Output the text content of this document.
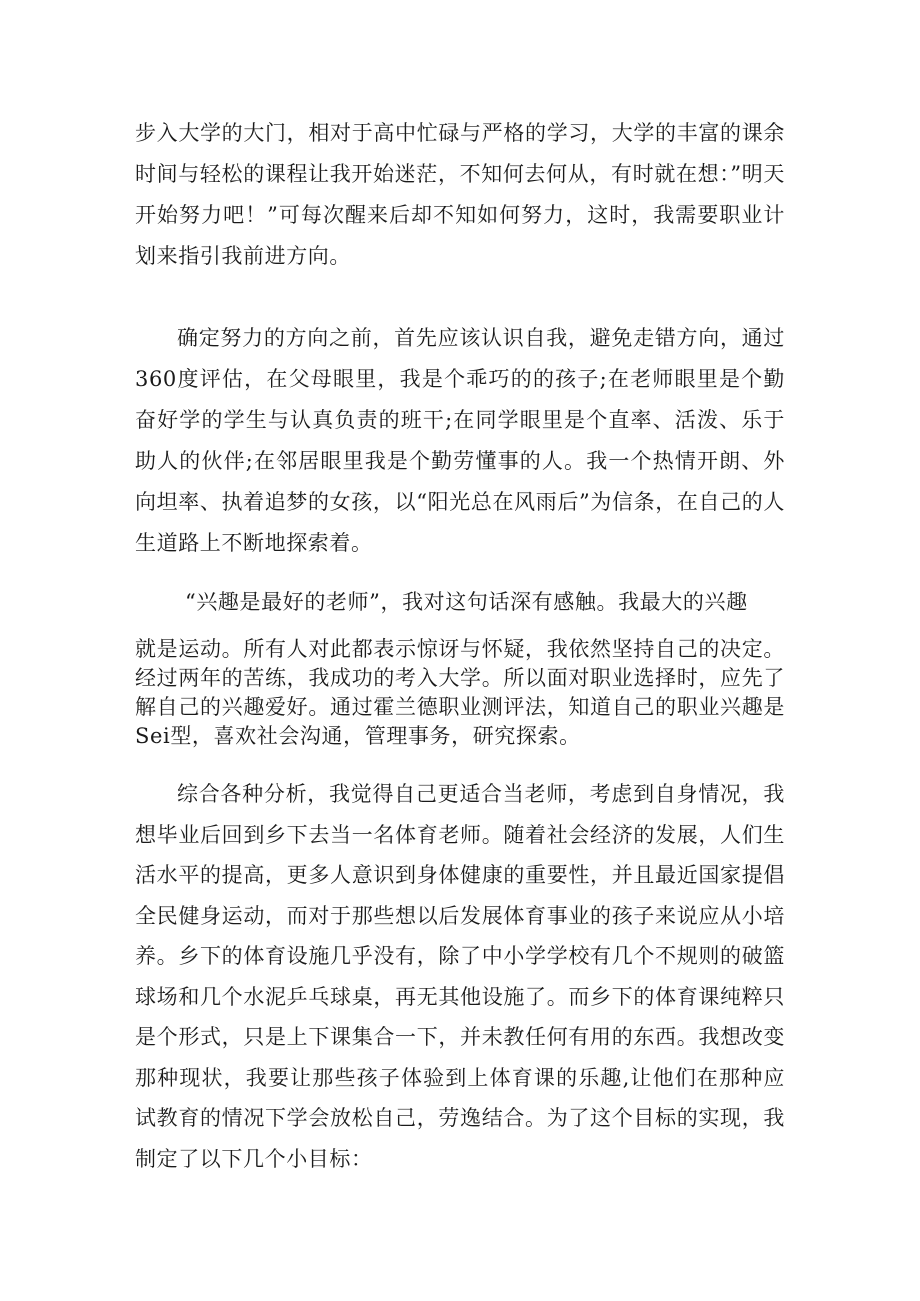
步入大学的大门，相对于高中忙碌与严格的学习，大学的丰富的课余时间与轻松的课程让我开始迷茫，不知何去何从，有时就在想：”明天开始努力吧！”可每次醒来后却不知如何努力，这时，我需要职业计划来指引我前进方向。

确定努力的方向之前，首先应该认识自我，避免走错方向，通过360度评估，在父母眼里，我是个乖巧的的孩子;在老师眼里是个勤奋好学的学生与认真负责的班干;在同学眼里是个直率、活泼、乐于助人的伙伴;在邻居眼里我是个勤劳懂事的人。我一个热情开朗、外向坦率、执着追梦的女孩，以“阳光总在风雨后”为信条，在自己的人生道路上不断地探索着。

“兴趣是最好的老师”，我对这句话深有感触。我最大的兴趣

就是运动。所有人对此都表示惊讶与怀疑，我依然坚持自己的决定。经过两年的苦练，我成功的考入大学。所以面对职业选择时，应先了解自己的兴趣爱好。通过霍兰德职业测评法，知道自己的职业兴趣是Sei型，喜欢社会沟通，管理事务，研究探索。

综合各种分析，我觉得自己更适合当老师，考虑到自身情况，我想毕业后回到乡下去当一名体育老师。随着社会经济的发展，人们生活水平的提高，更多人意识到身体健康的重要性，并且最近国家提倡全民健身运动，而对于那些想以后发展体育事业的孩子来说应从小培养。乡下的体育设施几乎没有，除了中小学学校有几个不规则的破篮球场和几个水泥乒乓球桌，再无其他设施了。而乡下的体育课纯粹只是个形式，只是上下课集合一下，并未教任何有用的东西。我想改变那种现状，我要让那些孩子体验到上体育课的乐趣,让他们在那种应试教育的情况下学会放松自己，劳逸结合。为了这个目标的实现，我制定了以下几个小目标：
